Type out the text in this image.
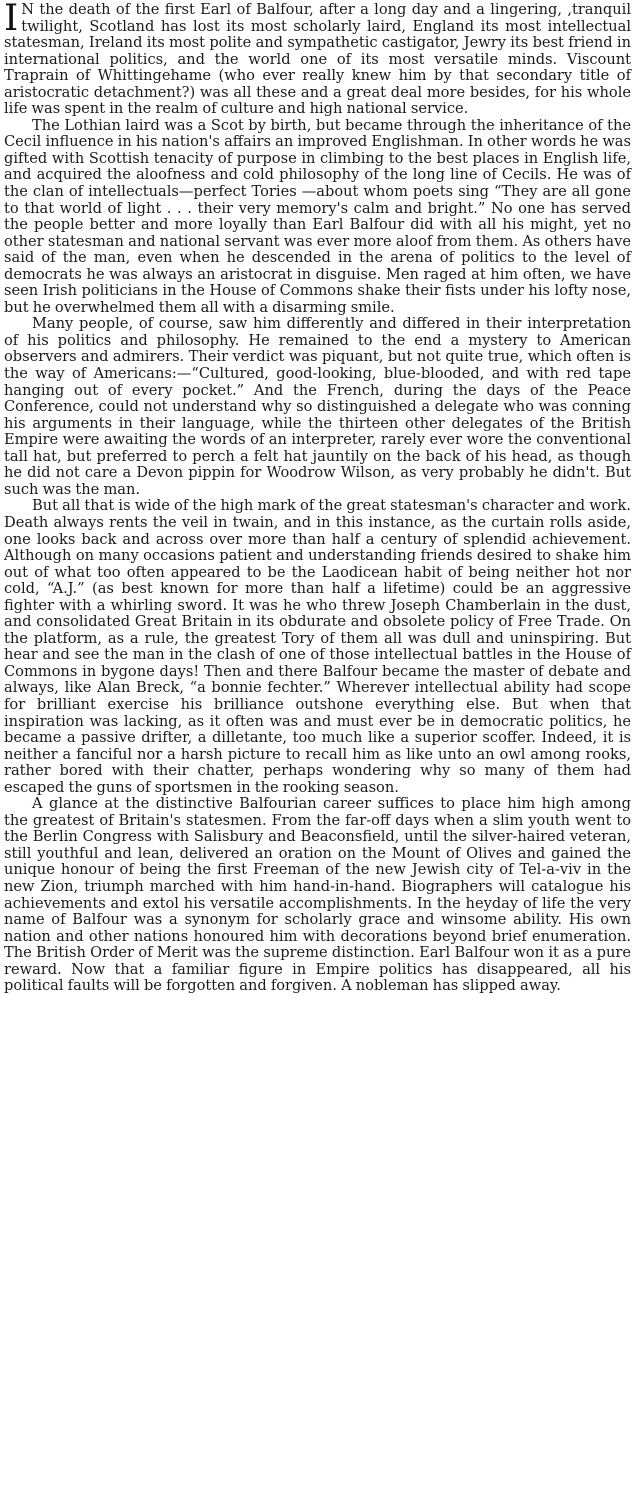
I N the death of the first Earl of Balfour, after a long day and a lingering, ,tranquil twilight, Scotland has lost its most scholarly laird, England its most intellectual statesman, Ireland its most polite and sympathetic castigator, Jewry its best friend in international politics, and the world one of its most versatile minds. Viscount Traprain of Whittingehame (who ever really knew him by that secondary title of aristocratic detachment?) was all these and a great deal more besides, for his whole life was spent in the realm of culture and high national service.

The Lothian laird was a Scot by birth, but became through the inheritance of the Cecil influence in his nation's affairs an improved Englishman. In other words he was gifted with Scottish tenacity of purpose in climbing to the best places in English life, and acquired the aloofness and cold philosophy of the long line of Cecils. He was of the clan of intellectuals—perfect Tories —about whom poets sing “They are all gone to that world of light . . . their very memory's calm and bright.” No one has served the people better and more loyally than Earl Balfour did with all his might, yet no other statesman and national servant was ever more aloof from them. As others have said of the man, even when he descended in the arena of politics to the level of democrats he was always an aristocrat in disguise. Men raged at him often, we have seen Irish politicians in the House of Commons shake their fists under his lofty nose, but he overwhelmed them all with a disarming smile.

Many people, of course, saw him differently and differed in their interpretation of his politics and philosophy. He remained to the end a mystery to American observers and admirers. Their verdict was piquant, but not quite true, which often is the way of Americans:—“Cultured, good-looking, blue-blooded, and with red tape hanging out of every pocket.” And the French, during the days of the Peace Conference, could not understand why so distinguished a delegate who was conning his arguments in their language, while the thirteen other delegates of the British Empire were awaiting the words of an interpreter, rarely ever wore the conventional tall hat, but preferred to perch a felt hat jauntily on the back of his head, as though he did not care a Devon pippin for Woodrow Wilson, as very probably he didn't. But such was the man.

But all that is wide of the high mark of the great statesman's character and work. Death always rents the veil in twain, and in this instance, as the curtain rolls aside, one looks back and across over more than half a century of splendid achievement. Although on many occasions patient and understanding friends desired to shake him out of what too often appeared to be the Laodicean habit of being neither hot nor cold, “A.J.” (as best known for more than half a lifetime) could be an aggressive fighter with a whirling sword. It was he who threw Joseph Chamberlain in the dust, and consolidated Great Britain in its obdurate and obsolete policy of Free Trade. On the platform, as a rule, the greatest Tory of them all was dull and uninspiring. But hear and see the man in the clash of one of those intellectual battles in the House of Commons in bygone days! Then and there Balfour became the master of debate and always, like Alan Breck, “a bonnie fechter.” Wherever intellectual ability had scope for brilliant exercise his brilliance outshone everything else. But when that inspiration was lacking, as it often was and must ever be in democratic politics, he became a passive drifter, a dilletante, too much like a superior scoffer. Indeed, it is neither a fanciful nor a harsh picture to recall him as like unto an owl among rooks, rather bored with their chatter, perhaps wondering why so many of them had escaped the guns of sportsmen in the rooking season.

A glance at the distinctive Balfourian career suffices to place him high among the greatest of Britain's statesmen. From the far-off days when a slim youth went to the Berlin Congress with Salisbury and Beaconsfield, until the silver-haired veteran, still youthful and lean, delivered an oration on the Mount of Olives and gained the unique honour of being the first Freeman of the new Jewish city of Tel-a-viv in the new Zion, triumph marched with him hand-in-hand. Biographers will catalogue his achievements and extol his versatile accomplishments. In the heyday of life the very name of Balfour was a synonym for scholarly grace and winsome ability. His own nation and other nations honoured him with decorations beyond brief enumeration. The British Order of Merit was the supreme distinction. Earl Balfour won it as a pure reward. Now that a familiar figure in Empire politics has disappeared, all his political faults will be forgotten and forgiven. A nobleman has slipped away.
